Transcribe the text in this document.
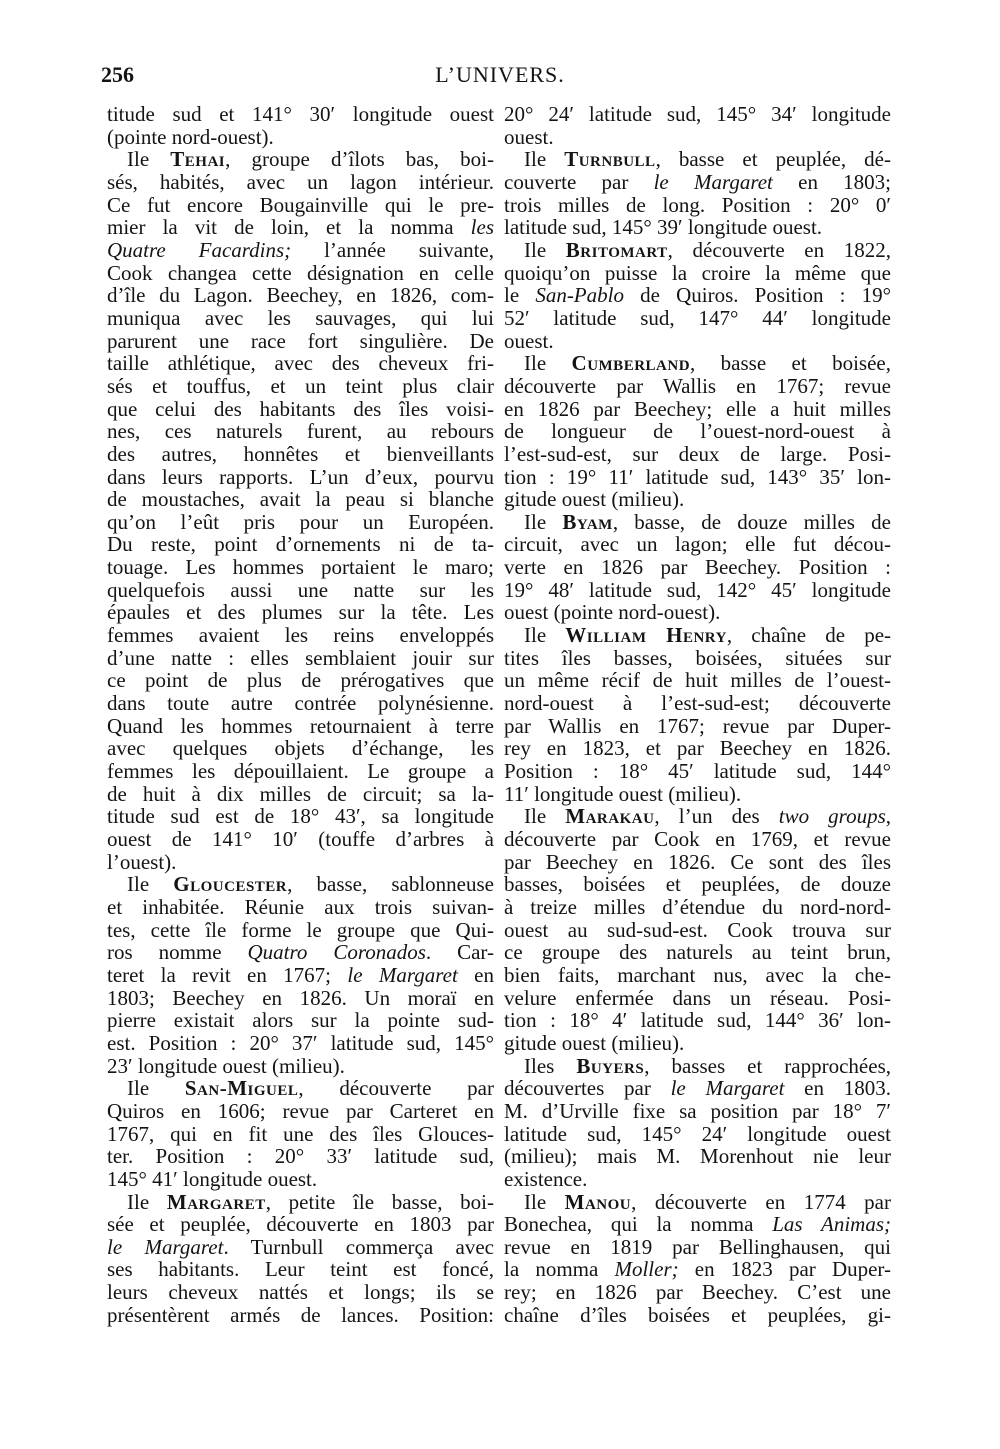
256	L’UNIVERS.
titude sud et 141° 30′ longitude ouest
(pointe nord-ouest).
Ile Tehai, groupe d’îlots bas, boi-
sés, habités, avec un lagon intérieur.
Ce fut encore Bougainville qui le pre-
mier la vit de loin, et la nomma les
Quatre Facardins; l’année suivante,
Cook changea cette désignation en celle
d’île du Lagon. Beechey, en 1826, com-
muniqua avec les sauvages, qui lui
parurent une race fort singulière. De
taille athlétique, avec des cheveux fri-
sés et touffus, et un teint plus clair
que celui des habitants des îles voisi-
nes, ces naturels furent, au rebours
des autres, honnêtes et bienveillants
dans leurs rapports. L’un d’eux, pourvu
de moustaches, avait la peau si blanche
qu’on l’eût pris pour un Européen.
Du reste, point d’ornements ni de ta-
touage. Les hommes portaient le maro;
quelquefois aussi une natte sur les
épaules et des plumes sur la tête. Les
femmes avaient les reins enveloppés
d’une natte : elles semblaient jouir sur
ce point de plus de prérogatives que
dans toute autre contrée polynésienne.
Quand les hommes retournaient à terre
avec quelques objets d’échange, les
femmes les dépouillaient. Le groupe a
de huit à dix milles de circuit; sa la-
titude sud est de 18° 43′, sa longitude
ouest de 141° 10′ (touffe d’arbres à
l’ouest).
Ile Gloucester, basse, sablonneuse
et inhabitée. Réunie aux trois suivan-
tes, cette île forme le groupe que Qui-
ros nomme Quatro Coronados. Car-
teret la revit en 1767; le Margaret en
1803; Beechey en 1826. Un moraï en
pierre existait alors sur la pointe sud-
est. Position : 20° 37′ latitude sud, 145°
23′ longitude ouest (milieu).
Ile San-Miguel, découverte par
Quiros en 1606; revue par Carteret en
1767, qui en fit une des îles Glouces-
ter. Position : 20° 33′ latitude sud,
145° 41′ longitude ouest.
Ile Margaret, petite île basse, boi-
sée et peuplée, découverte en 1803 par
le Margaret. Turnbull commerça avec
ses habitants. Leur teint est foncé,
leurs cheveux nattés et longs; ils se
présentèrent armés de lances. Position:
20° 24′ latitude sud, 145° 34′ longitude
ouest.
Ile Turnbull, basse et peuplée, dé-
couverte par le Margaret en 1803;
trois milles de long. Position : 20° 0′
latitude sud, 145° 39′ longitude ouest.
Ile Britomart, découverte en 1822,
quoiqu’on puisse la croire la même que
le San-Pablo de Quiros. Position : 19°
52′ latitude sud, 147° 44′ longitude
ouest.
Ile Cumberland, basse et boisée,
découverte par Wallis en 1767; revue
en 1826 par Beechey; elle a huit milles
de longueur de l’ouest-nord-ouest à
l’est-sud-est, sur deux de large. Posi-
tion : 19° 11′ latitude sud, 143° 35′ lon-
gitude ouest (milieu).
Ile Byam, basse, de douze milles de
circuit, avec un lagon; elle fut décou-
verte en 1826 par Beechey. Position :
19° 48′ latitude sud, 142° 45′ longitude
ouest (pointe nord-ouest).
Ile William Henry, chaîne de pe-
tites îles basses, boisées, situées sur
un même récif de huit milles de l’ouest-
nord-ouest à l’est-sud-est; découverte
par Wallis en 1767; revue par Duper-
rey en 1823, et par Beechey en 1826.
Position : 18° 45′ latitude sud, 144°
11′ longitude ouest (milieu).
Ile Marakau, l’un des two groups,
découverte par Cook en 1769, et revue
par Beechey en 1826. Ce sont des îles
basses, boisées et peuplées, de douze
à treize milles d’étendue du nord-nord-
ouest au sud-sud-est. Cook trouva sur
ce groupe des naturels au teint brun,
bien faits, marchant nus, avec la che-
velure enfermée dans un réseau. Posi-
tion : 18° 4′ latitude sud, 144° 36′ lon-
gitude ouest (milieu).
Iles Buyers, basses et rapprochées,
découvertes par le Margaret en 1803.
M. d’Urville fixe sa position par 18° 7′
latitude sud, 145° 24′ longitude ouest
(milieu); mais M. Morenhout nie leur
existence.
Ile Manou, découverte en 1774 par
Bonechea, qui la nomma Las Animas;
revue en 1819 par Bellinghausen, qui
la nomma Moller; en 1823 par Duper-
rey; en 1826 par Beechey. C’est une
chaîne d’îles boisées et peuplées, gi-
